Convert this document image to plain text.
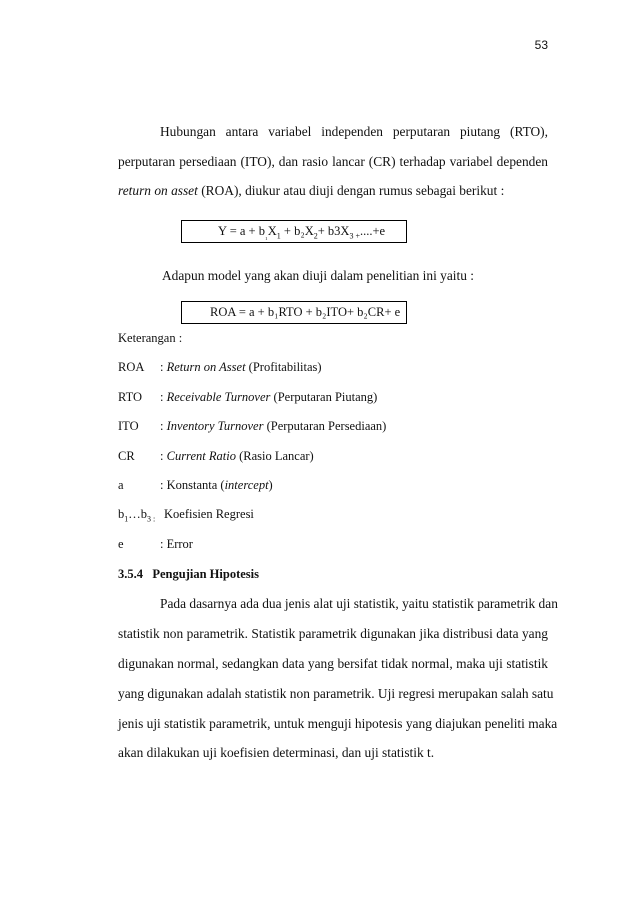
53
Hubungan antara variabel independen perputaran piutang (RTO),
perputaran persediaan (ITO), dan rasio lancar (CR) terhadap variabel dependen
return on asset (ROA), diukur atau diuji dengan rumus sebagai berikut :
$Y = a + b_{_1}X_1 + b_2X_2+ b3X_{3 +}....+e$
Adapun model yang akan diuji dalam penelitian ini yaitu :
ROA = a + b₁RTO + b₂ITO+ b₂CR+ e
Keterangan :
ROA : Return on Asset (Profitabilitas)
RTO : Receivable Turnover (Perputaran Piutang)
ITO : Inventory Turnover (Perputaran Persediaan)
CR : Current Ratio (Rasio Lancar)
a	: Konstanta (intercept)
$b_1\dots b_3$ $_:$ Koefisien Regresi
e	: Error
3.5.4 Pengujian Hipotesis
Pada dasarnya ada dua jenis alat uji statistik, yaitu statistik parametrik dan
statistik non parametrik. Statistik parametrik digunakan jika distribusi data yang
digunakan normal, sedangkan data yang bersifat tidak normal, maka uji statistik
yang digunakan adalah statistik non parametrik. Uji regresi merupakan salah satu
jenis uji statistik parametrik, untuk menguji hipotesis yang diajukan peneliti maka
akan dilakukan uji koefisien determinasi, dan uji statistik t.
